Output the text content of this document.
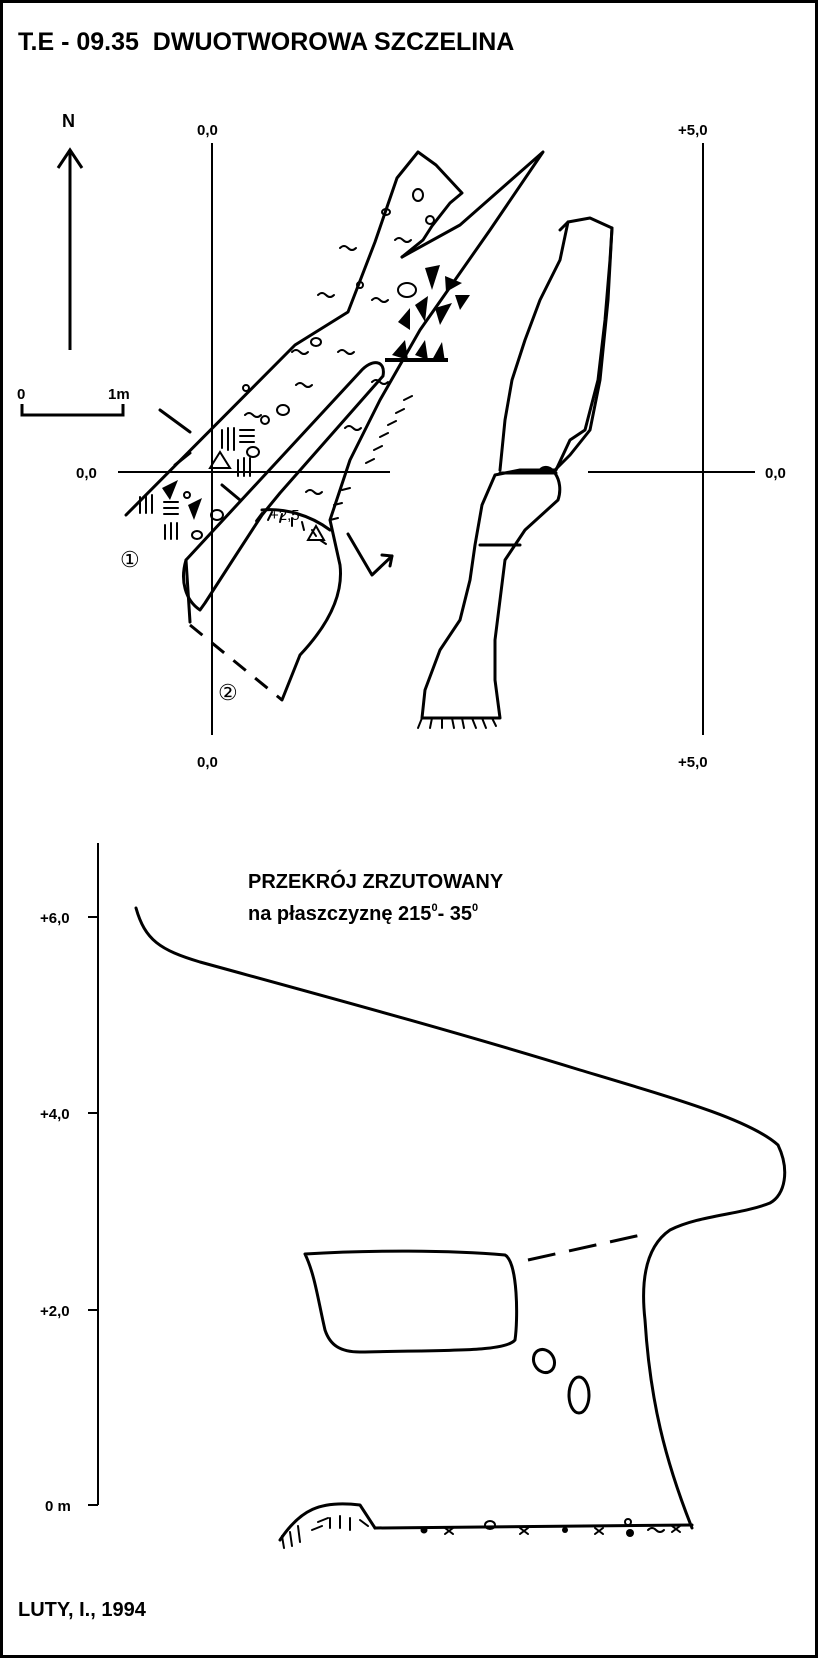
T.E - 09.35  DWUOTWOROWA SZCZELINA
N
0	1m
0,0	+5,0
0,0	0,0
0,0	+5,0
+2,5
①
②
PRZEKRÓJ ZRZUTOWANY
na płaszczyznę $215^0-$ $35^0$
+6,0
+4,0
+2,0
0 m
LUTY, I., 1994
